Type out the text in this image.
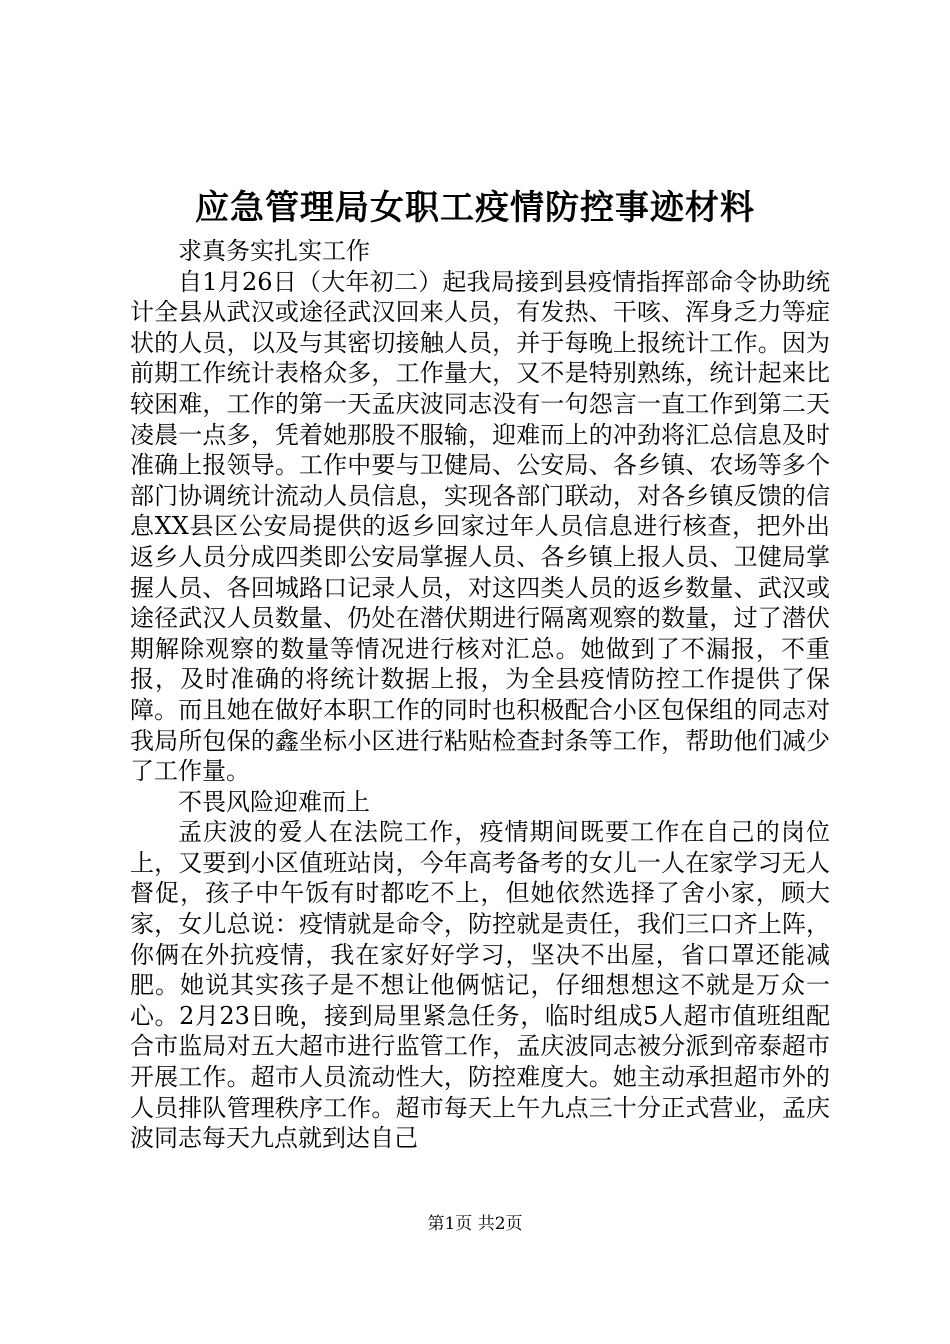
应急管理局女职工疫情防控事迹材料

求真务实扎实工作

自1月26日（大年初二）起我局接到县疫情指挥部命令协助统计全县从武汉或途径武汉回来人员，有发热、干咳、浑身乏力等症状的人员，以及与其密切接触人员，并于每晚上报统计工作。因为前期工作统计表格众多，工作量大，又不是特别熟练，统计起来比较困难，工作的第一天孟庆波同志没有一句怨言一直工作到第二天凌晨一点多，凭着她那股不服输，迎难而上的冲劲将汇总信息及时准确上报领导。工作中要与卫健局、公安局、各乡镇、农场等多个部门协调统计流动人员信息，实现各部门联动，对各乡镇反馈的信息XX县区公安局提供的返乡回家过年人员信息进行核查，把外出返乡人员分成四类即公安局掌握人员、各乡镇上报人员、卫健局掌握人员、各回城路口记录人员，对这四类人员的返乡数量、武汉或途径武汉人员数量、仍处在潜伏期进行隔离观察的数量，过了潜伏期解除观察的数量等情况进行核对汇总。她做到了不漏报，不重报，及时准确的将统计数据上报，为全县疫情防控工作提供了保障。而且她在做好本职工作的同时也积极配合小区包保组的同志对我局所包保的鑫坐标小区进行粘贴检查封条等工作，帮助他们减少了工作量。

不畏风险迎难而上

孟庆波的爱人在法院工作，疫情期间既要工作在自己的岗位上，又要到小区值班站岗，今年高考备考的女儿一人在家学习无人督促，孩子中午饭有时都吃不上，但她依然选择了舍小家，顾大家，女儿总说：疫情就是命令，防控就是责任，我们三口齐上阵，你俩在外抗疫情，我在家好好学习，坚决不出屋，省口罩还能减肥。她说其实孩子是不想让他俩惦记，仔细想想这不就是万众一心。2月23日晚，接到局里紧急任务，临时组成5人超市值班组配合市监局对五大超市进行监管工作，孟庆波同志被分派到帝泰超市开展工作。超市人员流动性大，防控难度大。她主动承担超市外的人员排队管理秩序工作。超市每天上午九点三十分正式营业，孟庆波同志每天九点就到达自己

第1页 共2页
